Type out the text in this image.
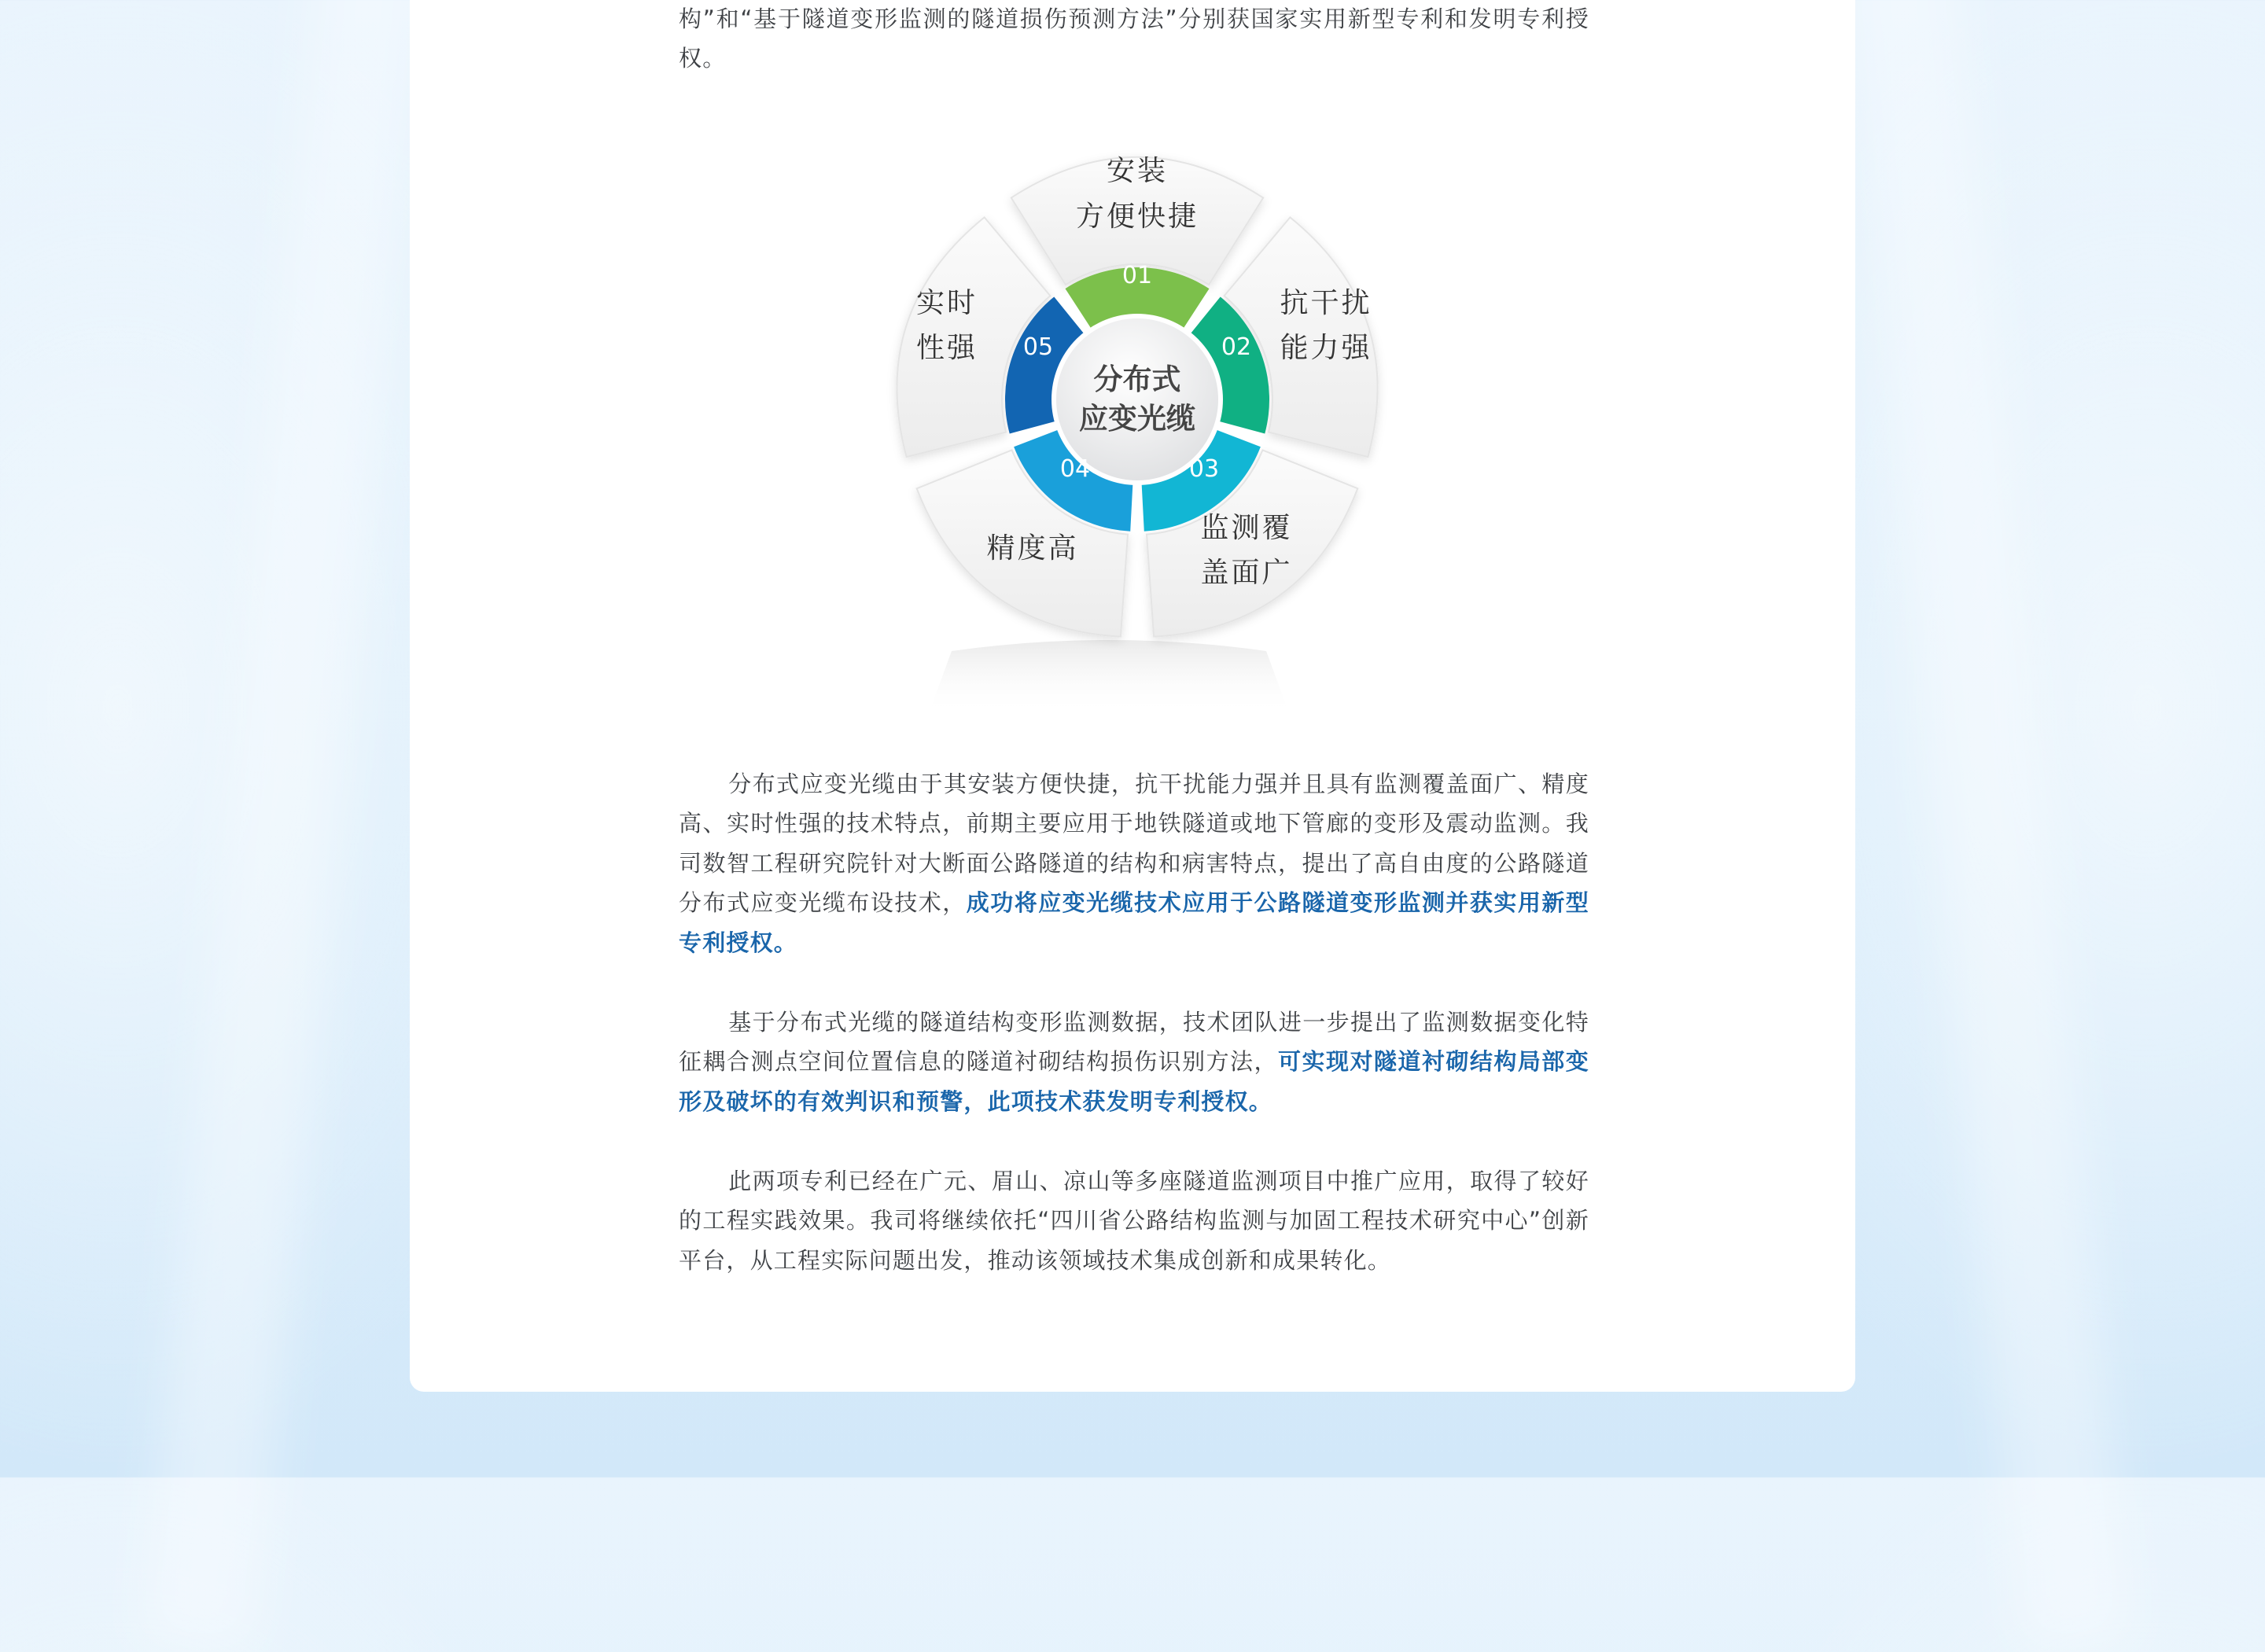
构”和“基于隧道变形监测的隧道损伤预测方法”分别获国家实用新型专利和发明专利授权。

分布式
应变光缆
01
02
03
04
05
安装
方便快捷
抗干扰
能力强
监测覆
盖面广
精度高
实时
性强

分布式应变光缆由于其安装方便快捷，抗干扰能力强并且具有监测覆盖面广、精度高、实时性强的技术特点，前期主要应用于地铁隧道或地下管廊的变形及震动监测。我司数智工程研究院针对大断面公路隧道的结构和病害特点，提出了高自由度的公路隧道分布式应变光缆布设技术，成功将应变光缆技术应用于公路隧道变形监测并获实用新型专利授权。

基于分布式光缆的隧道结构变形监测数据，技术团队进一步提出了监测数据变化特征耦合测点空间位置信息的隧道衬砌结构损伤识别方法，可实现对隧道衬砌结构局部变形及破坏的有效判识和预警，此项技术获发明专利授权。

此两项专利已经在广元、眉山、凉山等多座隧道监测项目中推广应用，取得了较好的工程实践效果。我司将继续依托“四川省公路结构监测与加固工程技术研究中心”创新平台，从工程实际问题出发，推动该领域技术集成创新和成果转化。
